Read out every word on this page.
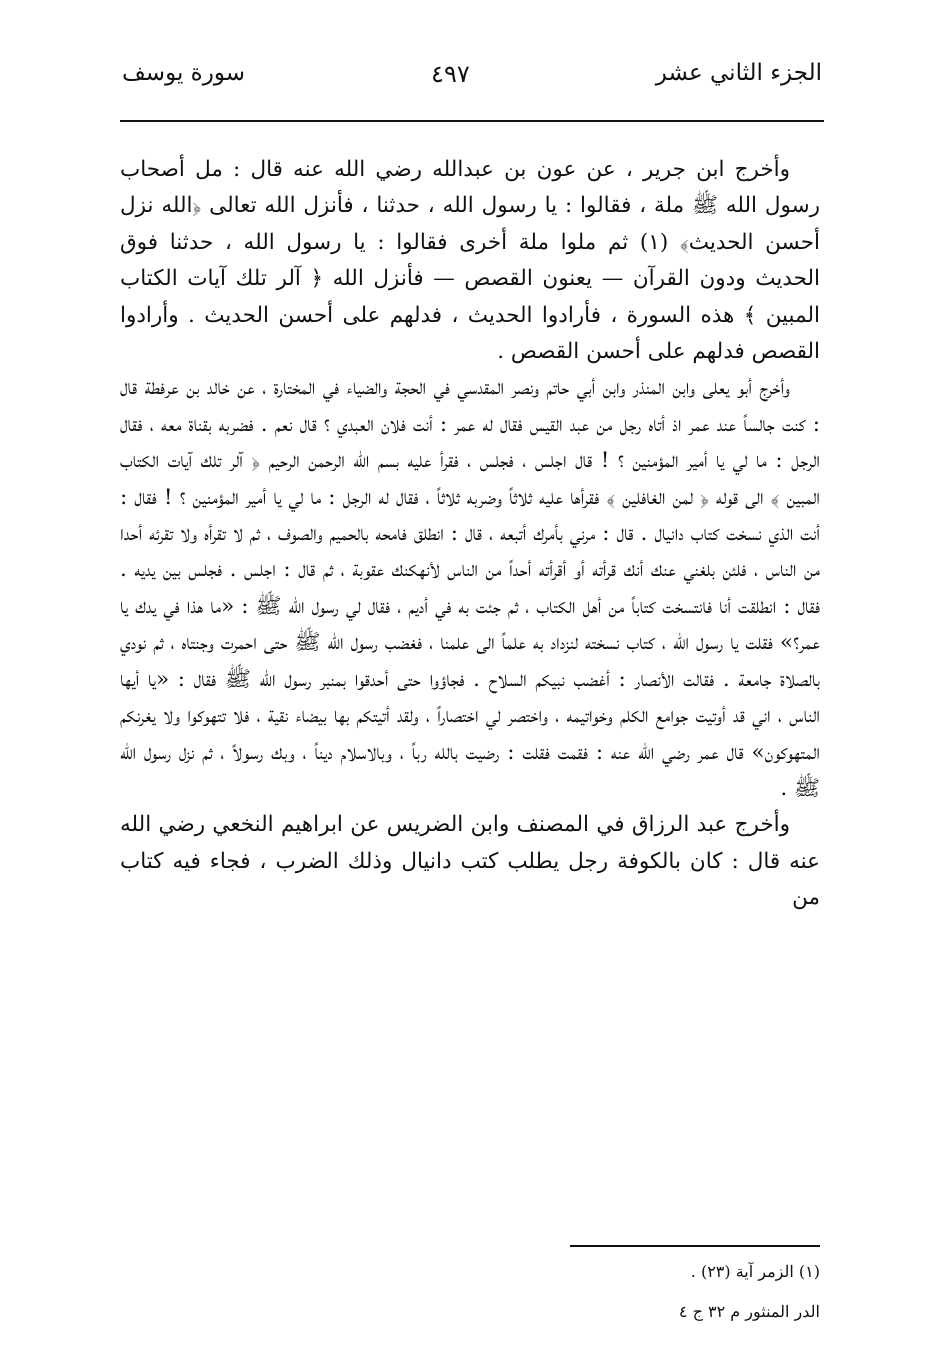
الجزء الثاني عشر
٤٩٧
سورة يوسف

وأخرج ابن جرير ، عن عون بن عبدالله رضي الله عنه قال : مل أصحاب رسول الله ﷺ ملة ، فقالوا : يا رسول الله ، حدثنا ، فأنزل الله تعالى ﴿الله نزل أحسن الحديث﴾ (١) ثم ملوا ملة أخرى فقالوا : يا رسول الله ، حدثنا فوق الحديث ودون القرآن — يعنون القصص — فأنزل الله ﴿ آلر تلك آيات الكتاب المبين ﴾ هذه السورة ، فأرادوا الحديث ، فدلهم على أحسن الحديث . وأرادوا القصص فدلهم على أحسن القصص .

وأخرج أبو يعلى وابن المنذر وابن أبي حاتم ونصر المقدسي في الحجة والضياء في المختارة ، عن خالد بن عرفطة قال : كنت جالساً عند عمر اذ أتاه رجل من عبد القيس فقال له عمر : أنت فلان العبدي ؟ قال نعم . فضربه بقناة معه ، فقال الرجل : ما لي يا أمير المؤمنين ؟ ! قال اجلس ، فجلس ، فقرأ عليه بسم الله الرحمن الرحيم ﴿ آلر تلك آيات الكتاب المبين ﴾ الى قوله ﴿ لمن الغافلين ﴾ فقرأها عليه ثلاثاً وضربه ثلاثاً ، فقال له الرجل : ما لي يا أمير المؤمنين ؟ ! فقال : أنت الذي نسخت كتاب دانيال . قال : مرني بأمرك أتبعه ، قال : انطلق فامحه بالحميم والصوف ، ثم لا تقرأه ولا تقرئه أحدا من الناس ، فلئن بلغني عنك أنك قرأته أو أقرأته أحداً من الناس لأنهكنك عقوبة ، ثم قال : اجلس . فجلس بين يديه . فقال : انطلقت أنا فانتسخت كتاباً من أهل الكتاب ، ثم جئت به في أديم ، فقال لي رسول الله ﷺ : «ما هذا في يدك يا عمر؟» فقلت يا رسول الله ، كتاب نسخته لنزداد به علماً الى علمنا ، فغضب رسول الله ﷺ حتى احمرت وجنتاه ، ثم نودي بالصلاة جامعة . فقالت الأنصار : أغضب نبيكم السلاح . فجاؤوا حتى أحدقوا بمنبر رسول الله ﷺ فقال : «يا أيها الناس ، اني قد أوتيت جوامع الكلم وخواتيمه ، واختصر لي اختصاراً ، ولقد أتيتكم بها بيضاء نقية ، فلا تتهوكوا ولا يغرنكم المتهوكون» قال عمر رضي الله عنه : فقمت فقلت : رضيت بالله رباً ، وبالاسلام ديناً ، وبك رسولاً ، ثم نزل رسول الله ﷺ .

وأخرج عبد الرزاق في المصنف وابن الضريس عن ابراهيم النخعي رضي الله عنه قال : كان بالكوفة رجل يطلب كتب دانيال وذلك الضرب ، فجاء فيه كتاب من

(١) الزمر آية (٢٣) .
الدر المنثور م ٣٢ ج ٤
